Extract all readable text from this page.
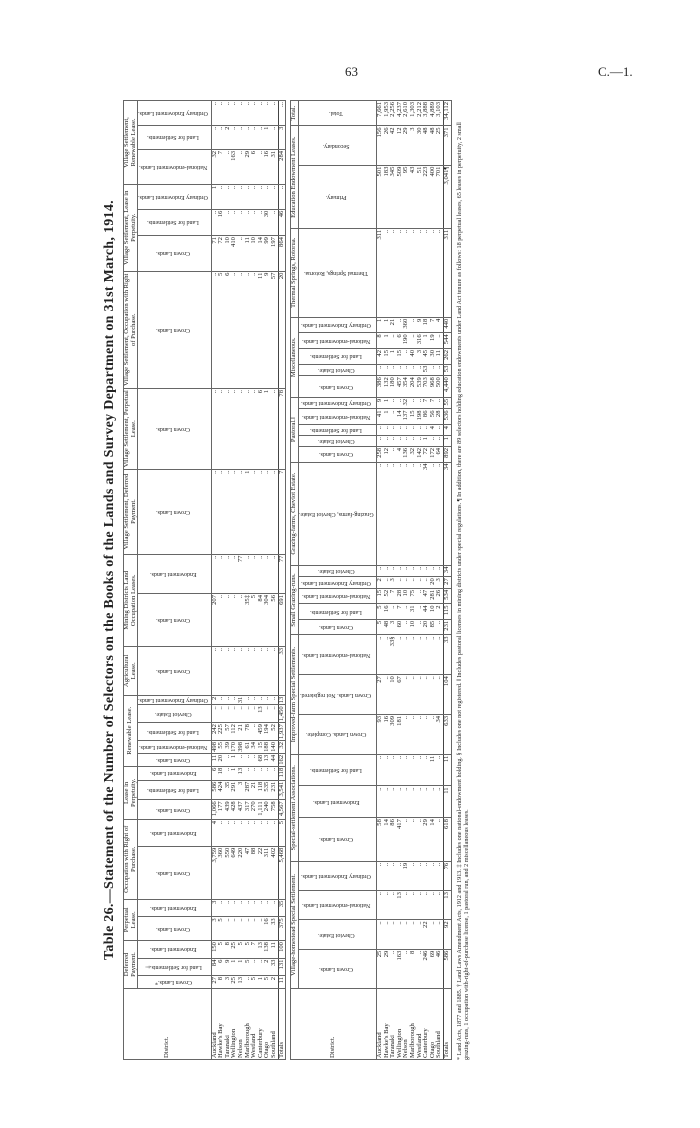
63	C.—1.
Table 26.—Statement of the Number of Selectors on the Books of the Lands and Survey Department on 31st March, 1914.
District.	Deferred Payment.			Perpetual Lease.		Occupation with Right of Purchase.		Lease in Perpetuity.			Renewable Lease.					Agricultural Lease.	Mining Districts Land Occupation Leases.		Village Settlement, Deferred Payment.	Village Settlement, Perpetual Lease.	Village Settlement, Occupation with Right of Purchase.	Village Settlement, Lease in Perpetuity.			Village Settlement, Renewable Lease.		
	Crown Lands.*	Land for Settlements.†	Endowment Lands.	Crown Lands.	Endowment Lands.	Crown Lands.	Endowment Lands.	Crown Lands.	Land for Settlements.	Endowment Lands.	Crown Lands.	National-endowment Lands.	Land for Settlements.	Cheviot Estate.	Ordinary Endowment Lands.	Crown Lands.	Crown Lands.	Endowment Lands.	Crown Lands.	Crown Lands.	Crown Lands.	Crown Lands.	Land for Settlements.	Ordinary Endowment Lands.	National-endowment Lands.	Land for Settlements.	Ordinary Endowment Lands.
Auckland	27	84	150	3	3	3,759	4	1,066	586	6	11	498	242	..	2	..	207	..	..	..	..	71	..	1	32	..	..
Hawke's Bay	8	6	5	5	..	360	..	177	424	18	20	55	225	..	..	..	..	..	..	..	5	72	16	..	7	..	..
Taranaki	3	9	8	..	..	550	..	439	35	..	..	39	57	..	..	..	..	..	..	..	6	10	..	..	..	2	..
Wellington	25	1	25	..	..	649	..	428	291	1	1	170	112	..	..	..	..	..	..	..	..	410	..	..	163	..	..
Nelson	13	1	5	..	..	220	..	437	3	13	..	398	21	..	31	..	..	77	..	..	..	..	..	..	..	..	..
Marlborough	..	5	5	..	..	47	..	317	287	..	..	61	78	..	..	..	35‡	..	1	..	..	11	..	..	29	..	..
Westland	5	..	7	..	..	88	..	270	21	..	..	34	..	..	..	..	5	..	..	..	..	10	..	..	6	..	..
Canterbury	1	..	13	..	..	22	..	1,111	118	..	68	15	459	13	..	..	84	..	..	6	11	14	..	..	..	..	..
Otago	5	2	138	16	..	311	..	240	535	..	13	188	194	..	..	..	304	..	..	1	9	99	30	..	16	1	..
Southland	2	33	11	33	..	402	..	758	231	..	44	140	52	..	..	..	56	..	..	..	57	197	..	..	31	..	..
Totals	11	131	100	375	35	5,468	5	4,567	3,541	118	162	32	1,937	1,450	13	33	691	77	7	78	20	864	46	..	284	3	...
District.	Village-homestead Special Settlement.				Special-settlement Associations.			Improved-farm Special Settlements.			Small Grazing-runs.					Grazing-farms, Cheviot Estate.	Pastoral.‖					Miscellaneous.					Thermal Springs, Rotorua.	Education Endowment Leases.		Total.
	Crown Lands.	Cheviot Estate.	National-endowment Lands.	Ordinary Endowment Lands.	Crown Lands.	Endowment Lands.	Land for Settlements.	Crown Lands. Complete.	Crown Lands. Not registered.	National-endowment Lands.	Crown Lands.	Land for Settlements.	National-endowment Lands.	Ordinary Endowment Lands.	Cheviot Estate.	Grazing-farms, Cheviot Estate.	Crown Lands.	Cheviot Estate.	Land for Settlements.	National-endowment Lands.	Ordinary Endowment Lands.	Crown Lands.	Cheviot Estate.	Land for Settlements.	National-endowment Lands.	Ordinary Endowment Lands.	Thermal Springs, Rotorua.	Primary.	Secondary.	Total.
Auckland	25	..	..	..	58	..	..	93	27	..	5	5	15	2	..	..	258	..	..	41	9	386	..	42	8	1	311	501	156	7,661
Hawke's Bay	29	..	..	..	14	..	..	16	..	..	48	16	52	..	..	..	12	..	..	1	1	132	..	15	1	1	..	183	26	1,953
Taranaki	..	..	..	..	86	..	..	309	10	33§	3	..	7	3	..	..	..	..	..	..	..	180	..	1	..	21	..	345	42	2,256
Wellington	163	..	13	..	417	..	..	181	67	..	60	7	28	..	..	..	4	..	..	14	..	457	..	15	6	..	..	509	12	4,237
Nelson	..	..	..	19	..	..	..	..	..	..	..	..	10	..	..	..	136	..	..	137	32	354	..	..	190	360	..	95	29	2,610
Marlborough	8	..	..	..	..	..	..	..	..	..	10	31	75	..	..	..	32	..	..	15	..	204	..	40	..	..	..	43	3	1,303
Westland	..	..	..	..	..	..	..	..	..	..	..	..	..	..	..	..	142	..	..	198	..	539	..	3	316	9	..	51	30	2,212
Canterbury	246	22	..	..	29	..	..	..	..	..	20	44	47	..	..	34	72	1	..	86	7	703	53	45	1	18	..	223	48	3,888
Otago	69	..	..	..	14	..	11	..	..	..	85	10	281	20	..	..	172	..	4	56	7	968	..	30	19	7	..	400	48	4,889
Southland	46	..	..	..	..	..	..	34	..	..	..	2	26	3	..	..	64	..	..	28	..	500	..	11	..	4	..	701	25	3,103
Totals	586	92	13	76	618	11	11	633	104	33	231	115	534	27	34	34	892	1	4	536	55	4,440	53	262	544	440	311	3,041¶	371	34,112
* Land Acts, 1877 and 1885. † Land Laws Amendment Acts, 1912 and 1913. ‡ Includes one national-endowment holding. § Includes one not registered. ‖ Includes pastoral licenses in mining districts under special regulations. ¶ In addition, there are 89 selectors holding education endowments under Land Act tenure as follows: 18 perpetual leases, 65 leases in perpetuity, 2 small grazing-runs, 1 occupation with-right-of-purchase license, 1 pastoral run, and 2 miscellaneous leases.
